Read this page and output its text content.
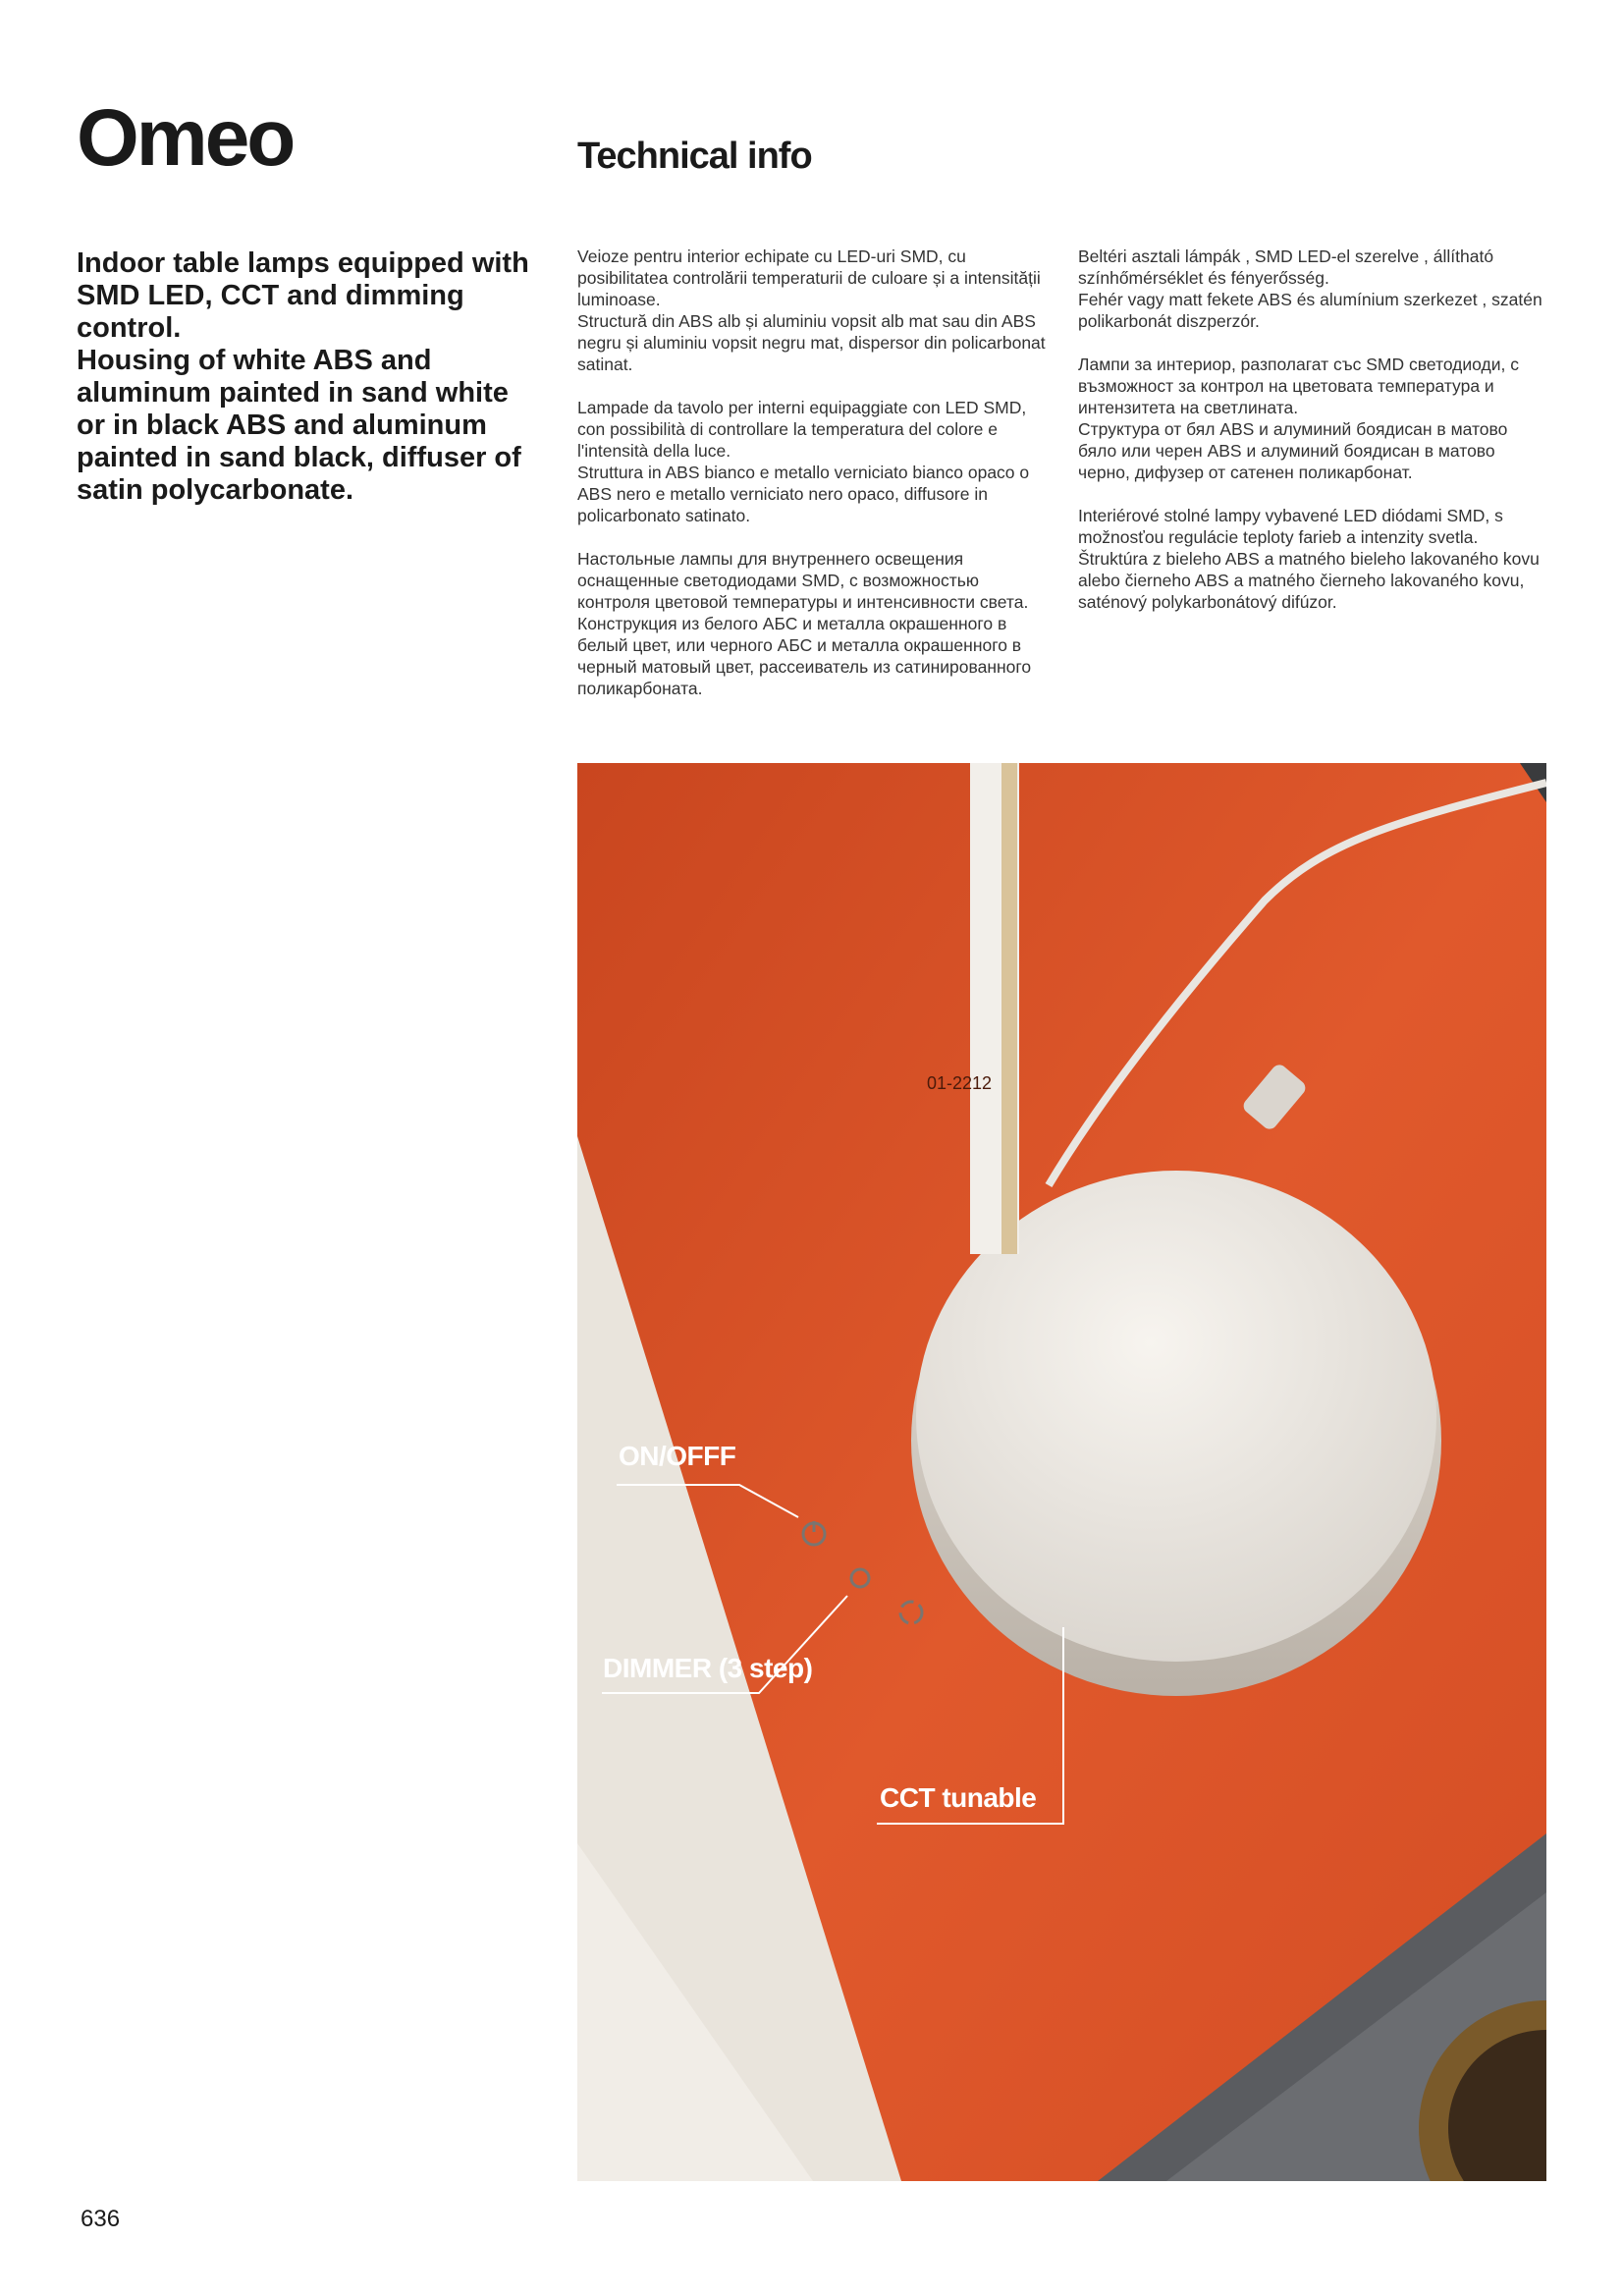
Omeo	Technical info

Indoor table lamps equipped with SMD LED, CCT and dimming control.

Housing of white ABS and aluminum painted in sand white or in black ABS and aluminum painted in sand black, diffuser of satin polycarbonate.

Veioze pentru interior echipate cu LED-uri SMD, cu posibilitatea controlării temperaturii de culoare și a intensității luminoase.
Structură din ABS alb și aluminiu vopsit alb mat sau din ABS negru și aluminiu vopsit negru mat, dispersor din policarbonat satinat.

Lampade da tavolo per interni equipaggiate con LED SMD, con possibilità di controllare la temperatura del colore e l'intensità della luce.
Struttura in ABS bianco e metallo verniciato bianco opaco o ABS nero e metallo verniciato nero opaco, diffusore in policarbonato satinato.

Настольные лампы для внутреннего освещения оснащенные светодиодами SMD, с возможностью контроля цветовой температуры и интенсивности света.
Конструкция из белого АБС и металла окрашенного в белый цвет, или черного АБС и металла окрашенного в черный матовый цвет, рассеиватель из сатинированного поликарбоната.

Beltéri asztali lámpák , SMD LED-el szerelve , állítható színhőmérséklet és fényerősség.
Fehér vagy matt fekete ABS és alumínium szerkezet , szatén polikarbonát diszperzór.

Лампи за интериор, разполагат със SMD светодиоди, с възможност за контрол на цветовата температура и интензитета на светлината.
Структура от бял ABS и алуминий боядисан в матово бяло или черен ABS и алуминий боядисан в матово черно, дифузер от сатенен поликарбонат.

Interiérové stolné lampy vybavené LED diódami SMD, s možnosťou regulácie teploty farieb a intenzity svetla.
Štruktúra z bieleho ABS a matného bieleho lakovaného kovu alebo čierneho ABS a matného čierneho lakovaného kovu, saténový polykarbonátový difúzor.

01-2212
ON/OFFF
DIMMER (3 step)
CCT tunable
636
